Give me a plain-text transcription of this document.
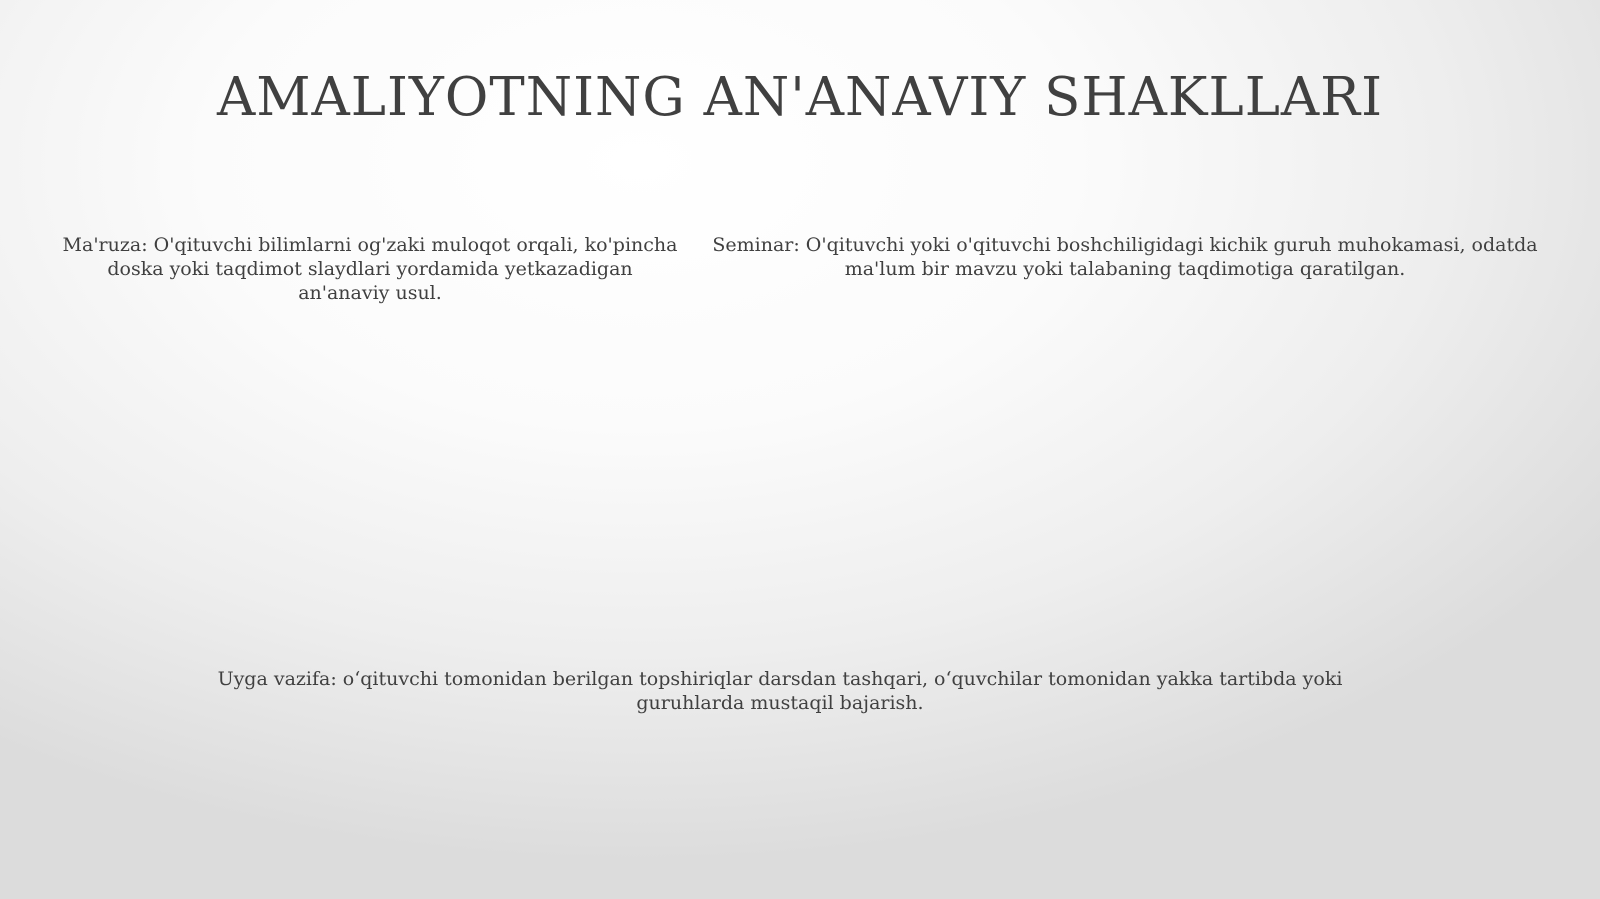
AMALIYOTNING AN'ANAVIY SHAKLLARI
Ma'ruza: O'qituvchi bilimlarni og'zaki muloqot orqali, ko'pincha doska yoki taqdimot slaydlari yordamida yetkazadigan an'anaviy usul.
Seminar: O'qituvchi yoki o'qituvchi boshchiligidagi kichik guruh muhokamasi, odatda ma'lum bir mavzu yoki talabaning taqdimotiga qaratilgan.
Uyga vazifa: o‘qituvchi tomonidan berilgan topshiriqlar darsdan tashqari, o‘quvchilar tomonidan yakka tartibda yoki guruhlarda mustaqil bajarish.
